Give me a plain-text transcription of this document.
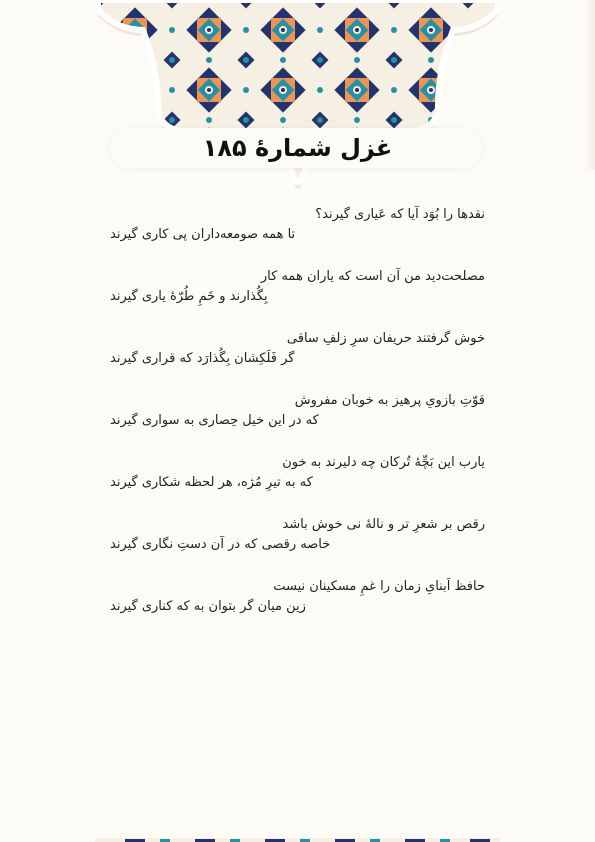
غزل شمارهٔ ۱۸۵
نقدها را بُوَد آیا که عَیاری گیرند؟
تا همه صومعه‌داران پی کاری گیرند
مصلحت‌دید من آن است که یاران همه کار
بِگُذارند و خَمِ طُرّهٔ یاری گیرند
خوش گرفتند حریفان سرِ زلفِ ساقی
گر فَلَکِشان بِگُذارَد که قراری گیرند
قوّتِ بازویِ پرهیز به خوبان مفروش
که در این خیل حِصاری به سواری گیرند
یارب این بَچِّهٔ تُرکان چه دلیرند به خون
که به تیرِ مُژه، هر لحظه شکاری گیرند
رقص بر شعرِ تر و نالهٔ نی خوش باشد
خاصه رقصی که در آن دستِ نگاری گیرند
حافظ اَبنایِ زمان را غمِ مسکینان نیست
زین میان گر بتوان به که کناری گیرند
